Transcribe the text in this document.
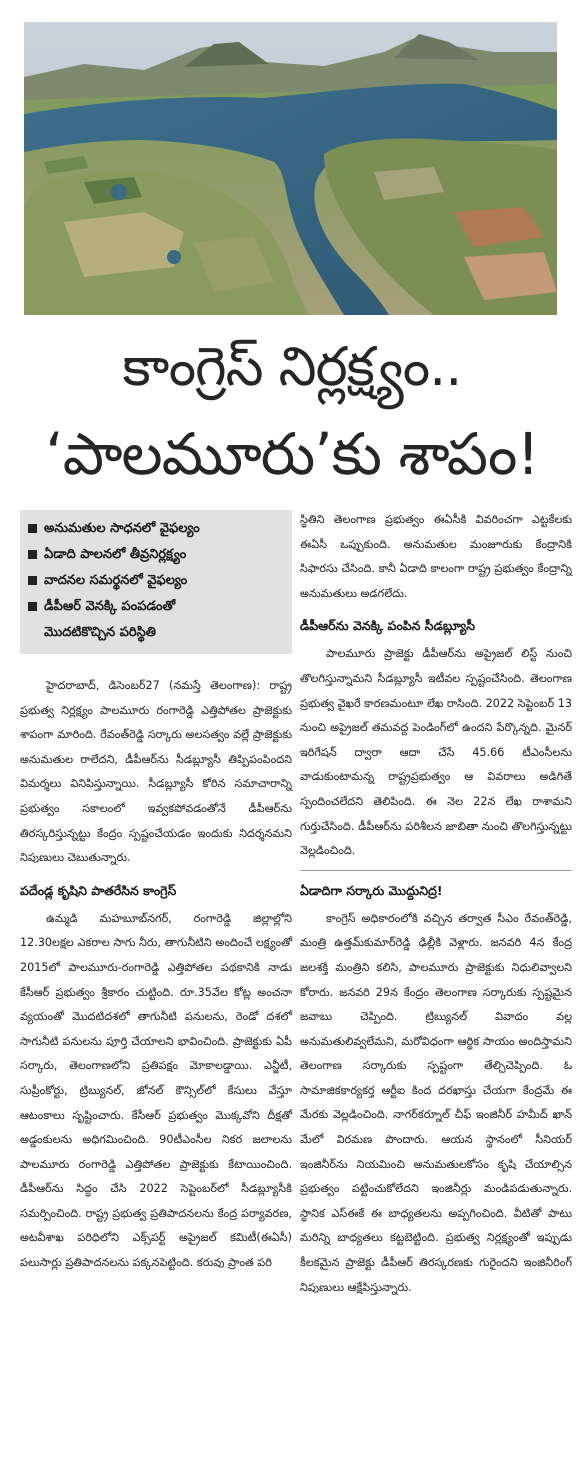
కాంగ్రెస్‌ నిర్లక్ష్యం..
‘పాలమూరు’కు శాపం!
అనుమతుల సాధనలో వైఫల్యం
ఏడాది పాలనలో తీవ్రనిర్లక్ష్యం
వాదనల సమర్థనలో వైఫల్యం
డీపీఆర్‌ వెనక్కి పంపడంతో
మొదటికొచ్చిన పరిస్థితి

హైదరాబాద్‌, డిసెంబర్‌27 (నమస్తే తెలంగాణ): రాష్ట్ర ప్రభుత్వ నిర్లక్ష్యం పాలమూరు రంగారెడ్డి ఎత్తిపోతల ప్రాజెక్టుకు శాపంగా మారింది. రేవంత్‌రెడ్డి సర్కారు అలసత్వం వల్లే ప్రాజెక్టుకు అనుమతుల రాలేదని, డీపీఆర్‌ను సీడబ్ల్యూసీ తిప్పిపంపిందని విమర్శలు వినిపిస్తున్నాయి. సీడబ్ల్యూసీ కోరిన సమాచారాన్ని ప్రభుత్వం సకాలంలో ఇవ్వకపోవడంతోనే డీపీఆర్‌ను తిరస్కరిస్తున్నట్టు కేంద్రం స్పష్టంచేయడం ఇందుకు నిదర్శనమని నిపుణులు చెబుతున్నారు.

పదేండ్ల కృషిని పాతరేసిన కాంగ్రెస్‌

ఉమ్మడి మహబూబ్‌నగర్‌, రంగారెడ్డి జిల్లాల్లోని 12.30లక్షల ఎకరాల సాగు నీరు, తాగునీటిని అందించే లక్ష్యంతో 2015లో పాలమూరు-రంగారెడ్డి ఎత్తిపోతల పథకానికి నాడు కేసీఆర్‌ ప్రభుత్వం శ్రీకారం చుట్టింది. రూ.35వేల కోట్ల అంచనా వ్యయంతో మొదటిదశలో తాగునీటి పనులను, రెండో దశలో సాగునీటి పనులను పూర్తి చేయాలని భావించింది. ప్రాజెక్టుకు ఏపీ సర్కారు, తెలంగాణలోని ప్రతిపక్షం మోకాలడ్డాయి. ఎన్జీటీ, సుప్రీంకోర్టు, ట్రిబ్యునల్‌, జోనల్‌ కౌన్సిల్‌లో కేసులు వేస్తూ ఆటంకాలు సృష్టించారు. కేసీఆర్‌ ప్రభుత్వం మొక్కవోని దీక్షతో అడ్డంకులను అధిగమించింది. 90టీఎంసీల నికర జలాలను పాలమూరు రంగారెడ్డి ఎత్తిపోతల ప్రాజెక్టుకు కేటాయించింది. డీపీఆర్‌ను సిద్ధం చేసి 2022 సెప్టెంబర్‌లో సీడబ్ల్యూసీకి సమర్పించింది. రాష్ట్ర ప్రభుత్వ ప్రతిపాదనలను కేంద్ర పర్యావరణ, అటవీశాఖ పరిధిలోని ఎక్స్‌పర్ట్‌ అప్రైజల్‌ కమిటీ(ఈఏసీ) పలుసార్లు ప్రతిపాదనలను పక్కనపెట్టింది. కరువు ప్రాంత పరి

స్థితిని తెలంగాణ ప్రభుత్వం ఈఏసీకి వివరించగా ఎట్టకేలకు ఈఏసీ ఒప్పుకుంది. అనుమతుల మంజూరుకు కేంద్రానికి సిఫారసు చేసింది. కానీ ఏడాది కాలంగా రాష్ట్ర ప్రభుత్వం కేంద్రాన్ని అనుమతులు అడగలేదు.

డీపీఆర్‌ను వెనక్కి పంపిన సీడబ్ల్యూసీ

పాలమూరు ప్రాజెక్టు డీపీఆర్‌ను అప్రైజల్‌ లిస్ట్‌ నుంచి తొలగిస్తున్నామని సీడబ్ల్యూసీ ఇటీవల స్పష్టంచేసింది. తెలంగాణ ప్రభుత్వ వైఖరే కారణమంటూ లేఖ రాసింది. 2022 సెప్టెంబర్‌ 13 నుంచి అప్రైజల్‌ తమవద్ద పెండింగ్‌లో ఉందని పేర్కొన్నది. మైనర్‌ ఇరిగేషన్‌ ద్వారా ఆదా చేసే 45.66 టీఎంసీలను వాడుకుంటామన్న రాష్ట్రప్రభుత్వం ఆ వివరాలు అడిగితే స్పందించలేదని తెలిపింది. ఈ నెల 22న లేఖ రాశామని గుర్తుచేసింది. డీపీఆర్‌ను పరిశీలన జాబితా నుంచి తొలగిస్తున్నట్టు వెల్లడించింది.

ఏడాదిగా సర్కారు మొద్దునిద్ర!

కాంగ్రెస్‌ అధికారంలోకి వచ్చిన తర్వాత సీఎం రేవంత్‌రెడ్డి, మంత్రి ఉత్తమ్‌కుమార్‌రెడ్డి ఢిల్లీకి వెళ్లారు. జనవరి 4న కేంద్ర జలశక్తి మంత్రిని కలిసి, పాలమూరు ప్రాజెక్టుకు నిధులివ్వాలని కోరారు. జనవరి 29న కేంద్రం తెలంగాణ సర్కారుకు స్పష్టమైన జవాబు చెప్పింది. ట్రిబ్యునల్‌ వివాదం వల్ల అనుమతులివ్వలేమని, మరోవిధంగా ఆర్థిక సాయం అందిస్తామని తెలంగాణ సర్కారుకు స్పష్టంగా తేల్చిచెప్పింది. ఓ సామాజికకార్యకర్త ఆర్టీఐ కింద దరఖాస్తు చేయగా కేంద్రమే ఈ మేరకు వెల్లడించింది. నాగర్‌కర్నూల్‌ చీఫ్‌ ఇంజినీర్‌ హమీద్‌ ఖాన్‌ మేలో విరమణ పొందారు. ఆయన స్థానంలో సీనియర్‌ ఇంజినీర్‌ను నియమించి అనుమతులకోసం కృషి చేయాల్సిన ప్రభుత్వం పట్టించుకోలేదని ఇంజినీర్లు మండిపడుతున్నారు. స్థానిక ఎస్‌ఈకే ఈ బాధ్యతలను అప్పగించింది. వీటితో పాటు మరిన్ని బాధ్యతలు కట్టబెట్టింది. ప్రభుత్వ నిర్లక్ష్యంతో ఇప్పుడు కీలకమైన ప్రాజెక్టు డీపీఆర్‌ తిరస్కరణకు గురైందని ఇంజినీరింగ్‌ నిపుణులు ఆక్షేపిస్తున్నారు.
